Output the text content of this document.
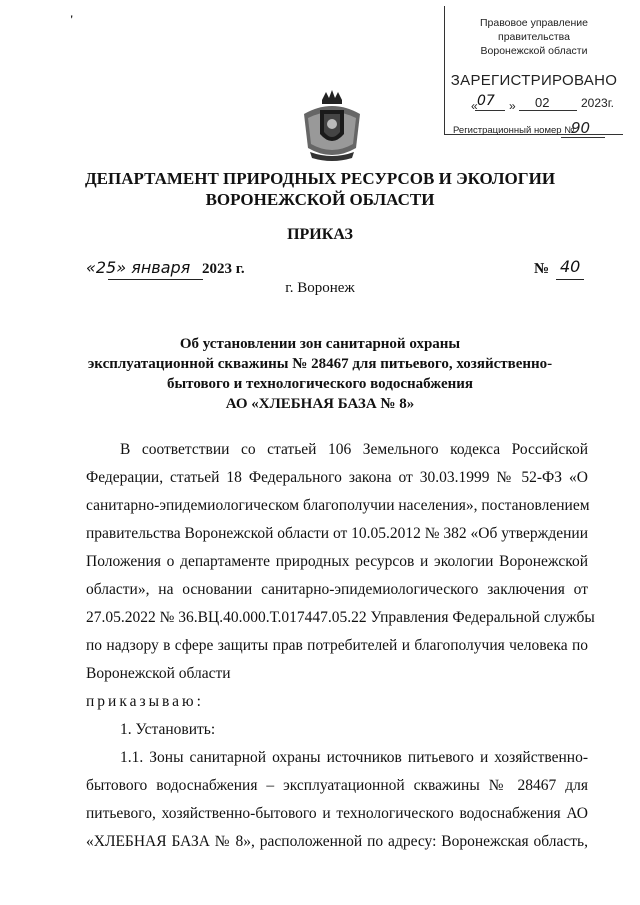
'	Правовое управление правительства
Воронежской области
ЗАРЕГИСТРИРОВАНО
« 07 » 02	2023г.
Регистрационный номер №
90
ДЕПАРТАМЕНТ ПРИРОДНЫХ РЕСУРСОВ И ЭКОЛОГИИ
ВОРОНЕЖСКОЙ ОБЛАСТИ
ПРИКАЗ
«25» января 2023 г.	№ 40
г. Воронеж
Об установлении зон санитарной охраны
эксплуатационной скважины № 28467 для питьевого, хозяйственно-
бытового и технологического водоснабжения
АО «ХЛЕБНАЯ БАЗА № 8»
В соответствии со статьей 106 Земельного кодекса Российской
Федерации, статьей 18 Федерального закона от 30.03.1999 № 52-ФЗ «О
санитарно-эпидемиологическом благополучии населения», постановлением
правительства Воронежской области от 10.05.2012 № 382 «Об утверждении
Положения о департаменте природных ресурсов и экологии Воронежской
области», на основании санитарно-эпидемиологического заключения от
27.05.2022 № 36.ВЦ.40.000.Т.017447.05.22 Управления Федеральной службы
по надзору в сфере защиты прав потребителей и благополучия человека по
Воронежской области
приказываю:
1. Установить:
1.1. Зоны санитарной охраны источников питьевого и хозяйственно-
бытового водоснабжения – эксплуатационной скважины № 28467 для
питьевого, хозяйственно-бытового и технологического водоснабжения АО
«ХЛЕБНАЯ БАЗА № 8», расположенной по адресу: Воронежская область,
